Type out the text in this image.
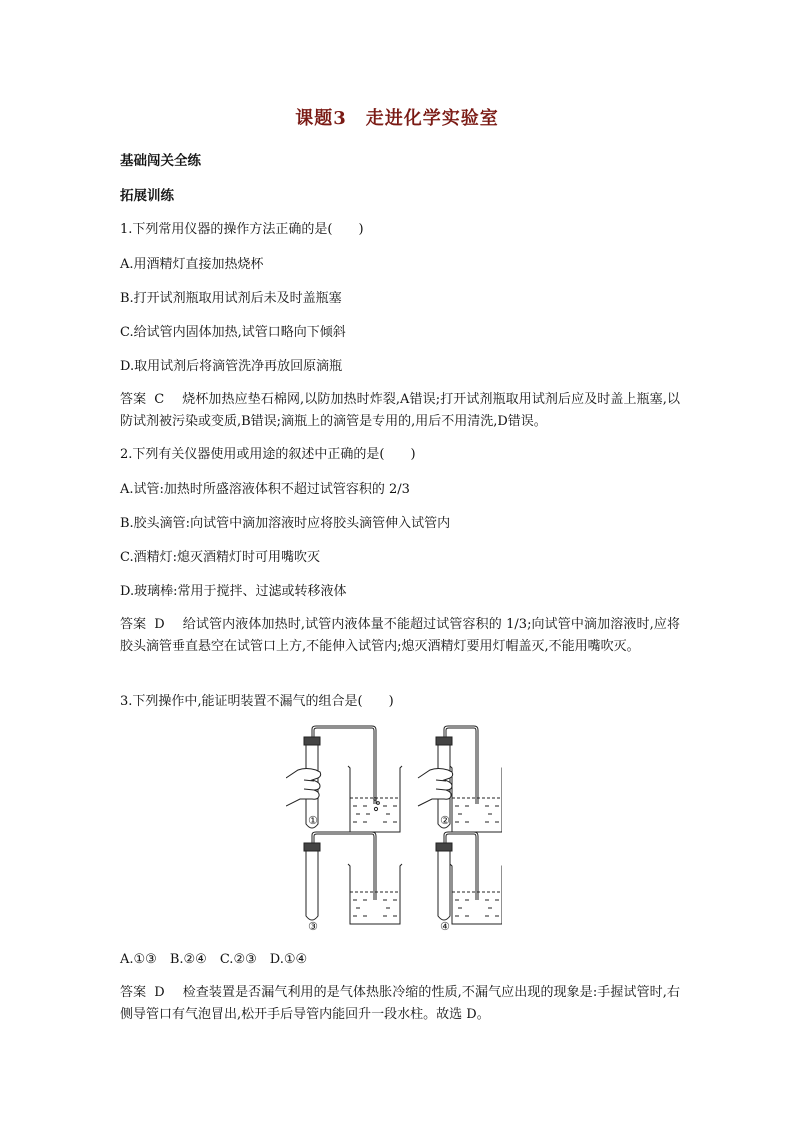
课题3　走进化学实验室
基础闯关全练
拓展训练
1.下列常用仪器的操作方法正确的是(　　)
A.用酒精灯直接加热烧杯
B.打开试剂瓶取用试剂后未及时盖瓶塞
C.给试管内固体加热,试管口略向下倾斜
D.取用试剂后将滴管洗净再放回原滴瓶
答案 C 烧杯加热应垫石棉网,以防加热时炸裂,A错误;打开试剂瓶取用试剂后应及时盖上瓶塞,以防试剂被污染或变质,B错误;滴瓶上的滴管是专用的,用后不用清洗,D错误。
2.下列有关仪器使用或用途的叙述中正确的是(　　)
A.试管:加热时所盛溶液体积不超过试管容积的 2/3
B.胶头滴管:向试管中滴加溶液时应将胶头滴管伸入试管内
C.酒精灯:熄灭酒精灯时可用嘴吹灭
D.玻璃棒:常用于搅拌、过滤或转移液体
答案 D 给试管内液体加热时,试管内液体量不能超过试管容积的 1/3;向试管中滴加溶液时,应将胶头滴管垂直悬空在试管口上方,不能伸入试管内;熄灭酒精灯要用灯帽盖灭,不能用嘴吹灭。
3.下列操作中,能证明装置不漏气的组合是(　　)
①	②
③	④
A.①③　B.②④　C.②③　D.①④
答案 D 检查装置是否漏气利用的是气体热胀冷缩的性质,不漏气应出现的现象是:手握试管时,右侧导管口有气泡冒出,松开手后导管内能回升一段水柱。故选 D。
